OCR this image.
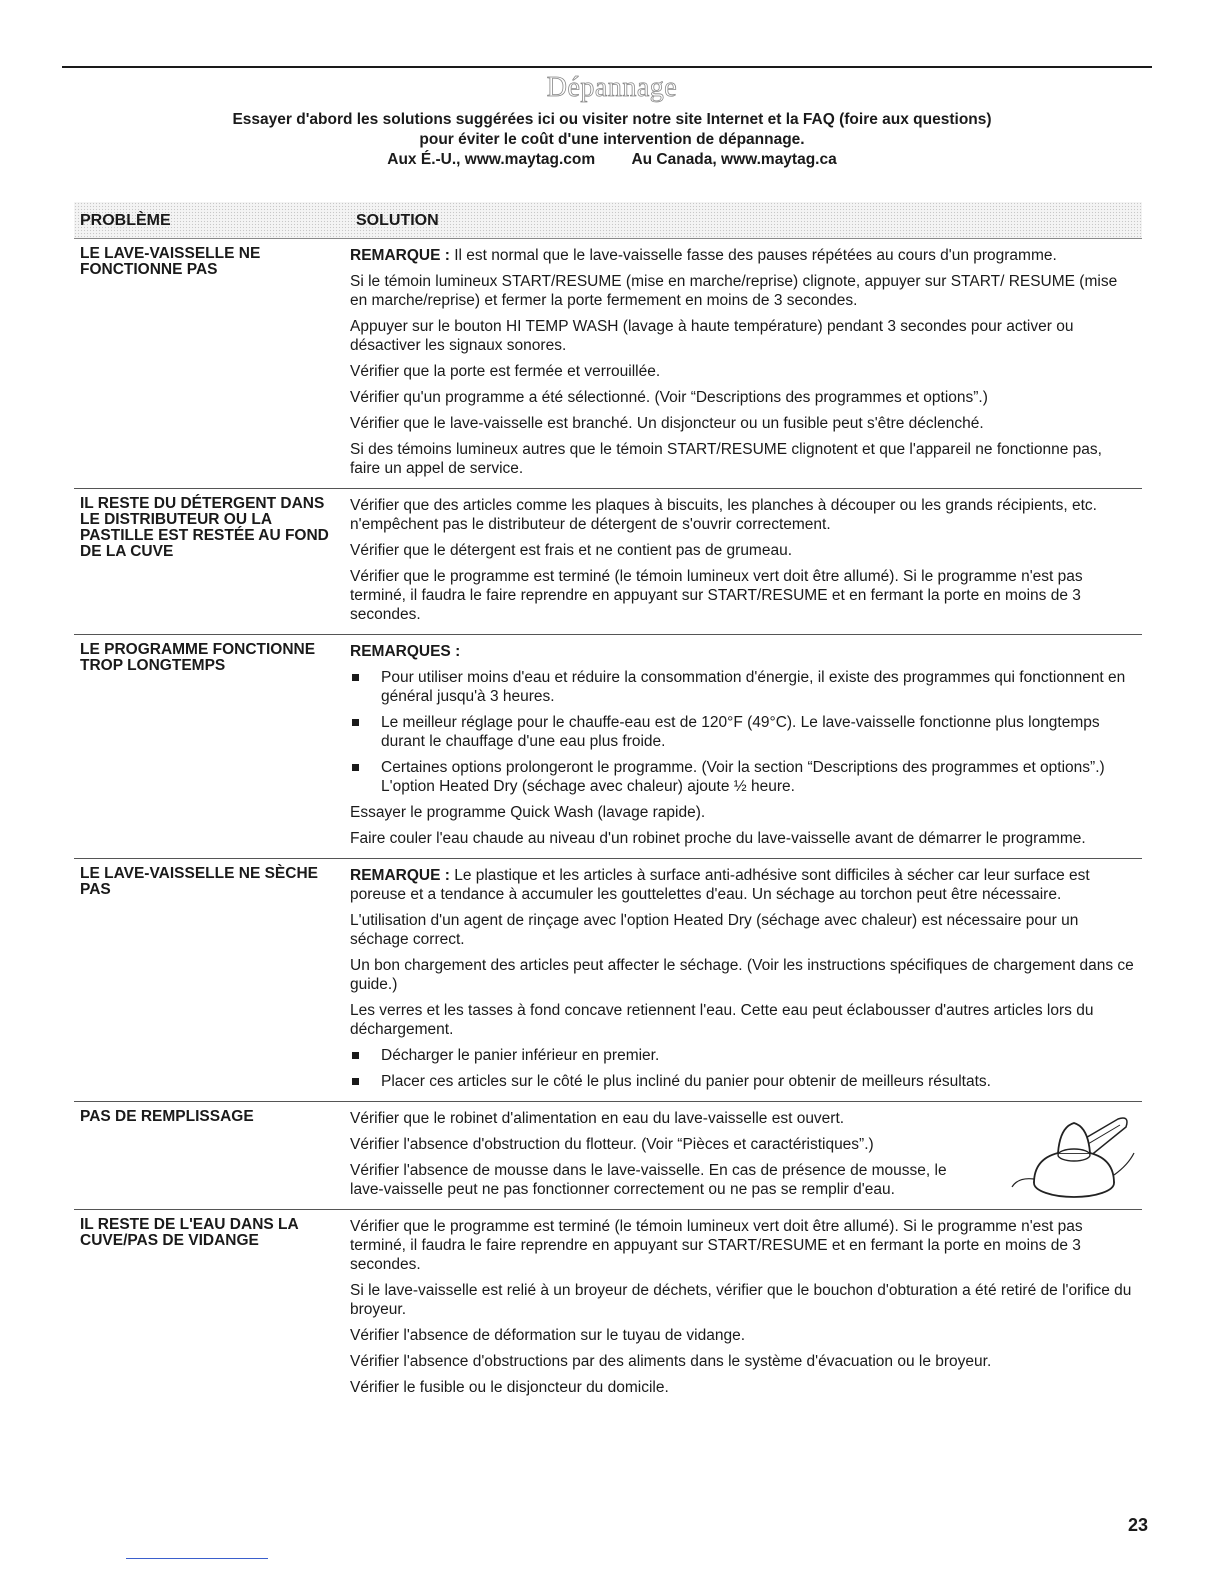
Dépannage
Essayer d'abord les solutions suggérées ici ou visiter notre site Internet et la FAQ (foire aux questions)
pour éviter le coût d'une intervention de dépannage.
Aux É.-U., www.maytag.com Au Canada, www.maytag.ca
PROBLÈME	SOLUTION
LE LAVE-VAISSELLE NE FONCTIONNE PAS

REMARQUE : Il est normal que le lave-vaisselle fasse des pauses répétées au cours d'un programme.

Si le témoin lumineux START/RESUME (mise en marche/reprise) clignote, appuyer sur START/ RESUME (mise en marche/reprise) et fermer la porte fermement en moins de 3 secondes.

Appuyer sur le bouton HI TEMP WASH (lavage à haute température) pendant 3 secondes pour activer ou désactiver les signaux sonores.

Vérifier que la porte est fermée et verrouillée.

Vérifier qu'un programme a été sélectionné. (Voir “Descriptions des programmes et options”.)

Vérifier que le lave-vaisselle est branché. Un disjoncteur ou un fusible peut s'être déclenché.

Si des témoins lumineux autres que le témoin START/RESUME clignotent et que l'appareil ne fonctionne pas, faire un appel de service.

IL RESTE DU DÉTERGENT DANS LE DISTRIBUTEUR OU LA PASTILLE EST RESTÉE AU FOND DE LA CUVE

Vérifier que des articles comme les plaques à biscuits, les planches à découper ou les grands récipients, etc. n'empêchent pas le distributeur de détergent de s'ouvrir correctement.

Vérifier que le détergent est frais et ne contient pas de grumeau.

Vérifier que le programme est terminé (le témoin lumineux vert doit être allumé). Si le programme n'est pas terminé, il faudra le faire reprendre en appuyant sur START/RESUME et en fermant la porte en moins de 3 secondes.

LE PROGRAMME FONCTIONNE TROP LONGTEMPS

REMARQUES :

Pour utiliser moins d'eau et réduire la consommation d'énergie, il existe des programmes qui fonctionnent en général jusqu'à 3 heures.

Le meilleur réglage pour le chauffe-eau est de 120°F (49°C). Le lave-vaisselle fonctionne plus longtemps durant le chauffage d'une eau plus froide.

Certaines options prolongeront le programme. (Voir la section “Descriptions des programmes et options”.) L'option Heated Dry (séchage avec chaleur) ajoute ½ heure.

Essayer le programme Quick Wash (lavage rapide).

Faire couler l'eau chaude au niveau d'un robinet proche du lave-vaisselle avant de démarrer le programme.

LE LAVE-VAISSELLE NE SÈCHE PAS

REMARQUE : Le plastique et les articles à surface anti-adhésive sont difficiles à sécher car leur surface est poreuse et a tendance à accumuler les gouttelettes d'eau. Un séchage au torchon peut être nécessaire.

L'utilisation d'un agent de rinçage avec l'option Heated Dry (séchage avec chaleur) est nécessaire pour un séchage correct.

Un bon chargement des articles peut affecter le séchage. (Voir les instructions spécifiques de chargement dans ce guide.)

Les verres et les tasses à fond concave retiennent l'eau. Cette eau peut éclabousser d'autres articles lors du déchargement.

Décharger le panier inférieur en premier.

Placer ces articles sur le côté le plus incliné du panier pour obtenir de meilleurs résultats.

PAS DE REMPLISSAGE	Vérifier que le robinet d'alimentation en eau du lave-vaisselle est ouvert.

Vérifier l'absence d'obstruction du flotteur. (Voir “Pièces et caractéristiques”.)

Vérifier l'absence de mousse dans le lave-vaisselle. En cas de présence de mousse, le lave-vaisselle peut ne pas fonctionner correctement ou ne pas se remplir d'eau.

IL RESTE DE L'EAU DANS LA CUVE/PAS DE VIDANGE

Vérifier que le programme est terminé (le témoin lumineux vert doit être allumé). Si le programme n'est pas terminé, il faudra le faire reprendre en appuyant sur START/RESUME et en fermant la porte en moins de 3 secondes.

Si le lave-vaisselle est relié à un broyeur de déchets, vérifier que le bouchon d'obturation a été retiré de l'orifice du broyeur.

Vérifier l'absence de déformation sur le tuyau de vidange.

Vérifier l'absence d'obstructions par des aliments dans le système d'évacuation ou le broyeur.

Vérifier le fusible ou le disjoncteur du domicile.

23
